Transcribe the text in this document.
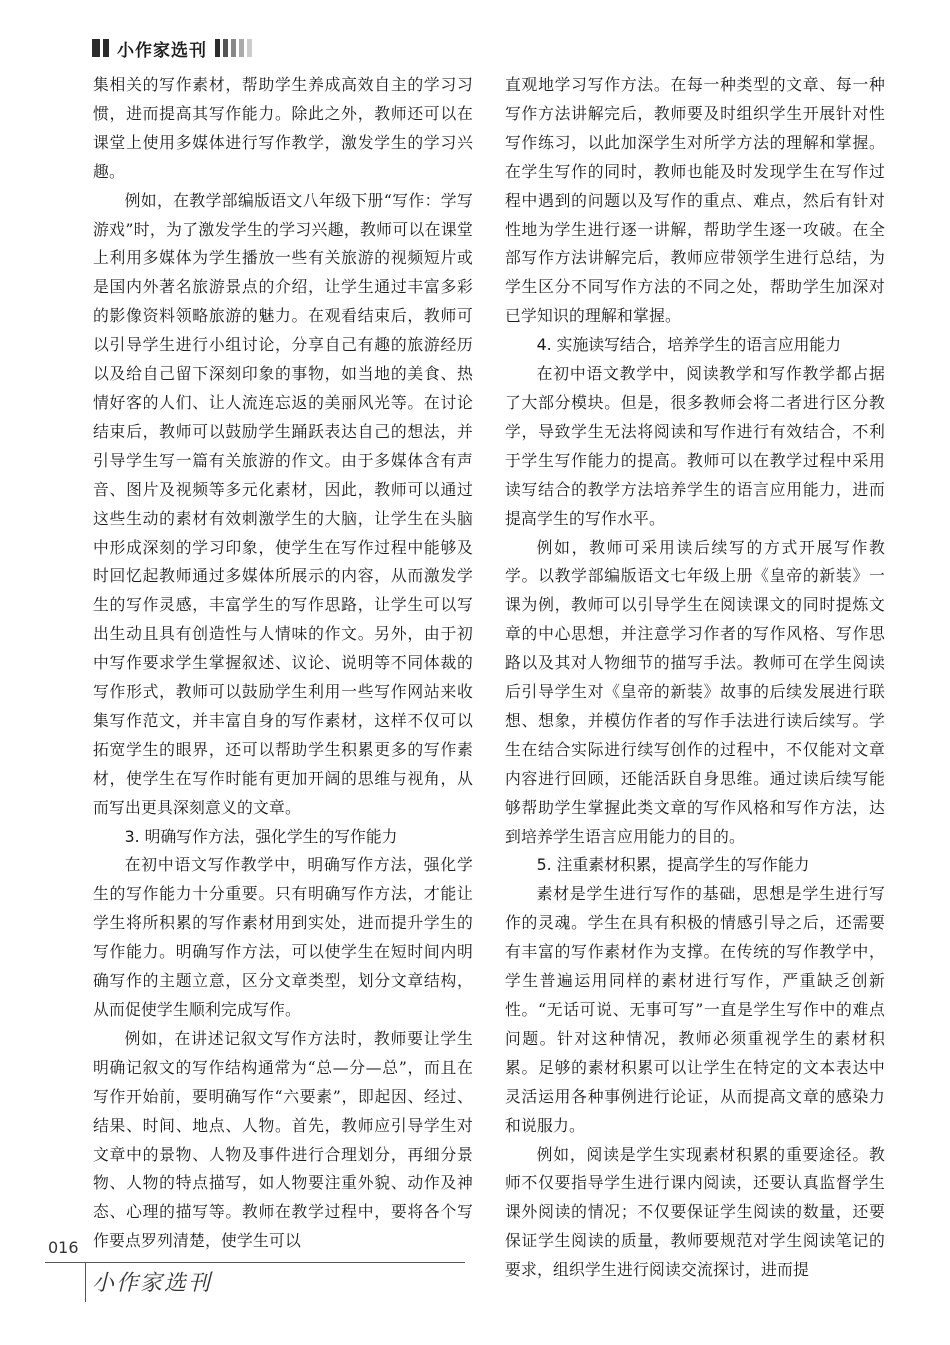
小作家选刊

集相关的写作素材，帮助学生养成高效自主的学习习惯，进而提高其写作能力。除此之外，教师还可以在课堂上使用多媒体进行写作教学，激发学生的学习兴趣。

例如，在教学部编版语文八年级下册“写作：学写游戏”时，为了激发学生的学习兴趣，教师可以在课堂上利用多媒体为学生播放一些有关旅游的视频短片或是国内外著名旅游景点的介绍，让学生通过丰富多彩的影像资料领略旅游的魅力。在观看结束后，教师可以引导学生进行小组讨论，分享自己有趣的旅游经历以及给自己留下深刻印象的事物，如当地的美食、热情好客的人们、让人流连忘返的美丽风光等。在讨论结束后，教师可以鼓励学生踊跃表达自己的想法，并引导学生写一篇有关旅游的作文。由于多媒体含有声音、图片及视频等多元化素材，因此，教师可以通过这些生动的素材有效刺激学生的大脑，让学生在头脑中形成深刻的学习印象，使学生在写作过程中能够及时回忆起教师通过多媒体所展示的内容，从而激发学生的写作灵感，丰富学生的写作思路，让学生可以写出生动且具有创造性与人情味的作文。另外，由于初中写作要求学生掌握叙述、议论、说明等不同体裁的写作形式，教师可以鼓励学生利用一些写作网站来收集写作范文，并丰富自身的写作素材，这样不仅可以拓宽学生的眼界，还可以帮助学生积累更多的写作素材，使学生在写作时能有更加开阔的思维与视角，从而写出更具深刻意义的文章。

3. 明确写作方法，强化学生的写作能力

在初中语文写作教学中，明确写作方法，强化学生的写作能力十分重要。只有明确写作方法，才能让学生将所积累的写作素材用到实处，进而提升学生的写作能力。明确写作方法，可以使学生在短时间内明确写作的主题立意，区分文章类型，划分文章结构，从而促使学生顺利完成写作。

例如，在讲述记叙文写作方法时，教师要让学生明确记叙文的写作结构通常为“总—分—总”，而且在写作开始前，要明确写作“六要素”，即起因、经过、结果、时间、地点、人物。首先，教师应引导学生对文章中的景物、人物及事件进行合理划分，再细分景物、人物的特点描写，如人物要注重外貌、动作及神态、心理的描写等。教师在教学过程中，要将各个写作要点罗列清楚，使学生可以

直观地学习写作方法。在每一种类型的文章、每一种写作方法讲解完后，教师要及时组织学生开展针对性写作练习，以此加深学生对所学方法的理解和掌握。在学生写作的同时，教师也能及时发现学生在写作过程中遇到的问题以及写作的重点、难点，然后有针对性地为学生进行逐一讲解，帮助学生逐一攻破。在全部写作方法讲解完后，教师应带领学生进行总结，为学生区分不同写作方法的不同之处，帮助学生加深对已学知识的理解和掌握。

4. 实施读写结合，培养学生的语言应用能力

在初中语文教学中，阅读教学和写作教学都占据了大部分模块。但是，很多教师会将二者进行区分教学，导致学生无法将阅读和写作进行有效结合，不利于学生写作能力的提高。教师可以在教学过程中采用读写结合的教学方法培养学生的语言应用能力，进而提高学生的写作水平。

例如，教师可采用读后续写的方式开展写作教学。以教学部编版语文七年级上册《皇帝的新装》一课为例，教师可以引导学生在阅读课文的同时提炼文章的中心思想，并注意学习作者的写作风格、写作思路以及其对人物细节的描写手法。教师可在学生阅读后引导学生对《皇帝的新装》故事的后续发展进行联想、想象，并模仿作者的写作手法进行读后续写。学生在结合实际进行续写创作的过程中，不仅能对文章内容进行回顾，还能活跃自身思维。通过读后续写能够帮助学生掌握此类文章的写作风格和写作方法，达到培养学生语言应用能力的目的。

5. 注重素材积累，提高学生的写作能力

素材是学生进行写作的基础，思想是学生进行写作的灵魂。学生在具有积极的情感引导之后，还需要有丰富的写作素材作为支撑。在传统的写作教学中，学生普遍运用同样的素材进行写作，严重缺乏创新性。“无话可说、无事可写”一直是学生写作中的难点问题。针对这种情况，教师必须重视学生的素材积累。足够的素材积累可以让学生在特定的文本表达中灵活运用各种事例进行论证，从而提高文章的感染力和说服力。

例如，阅读是学生实现素材积累的重要途径。教师不仅要指导学生进行课内阅读，还要认真监督学生课外阅读的情况；不仅要保证学生阅读的数量，还要保证学生阅读的质量，教师要规范对学生阅读笔记的要求，组织学生进行阅读交流探讨，进而提

016
小作家选刊
